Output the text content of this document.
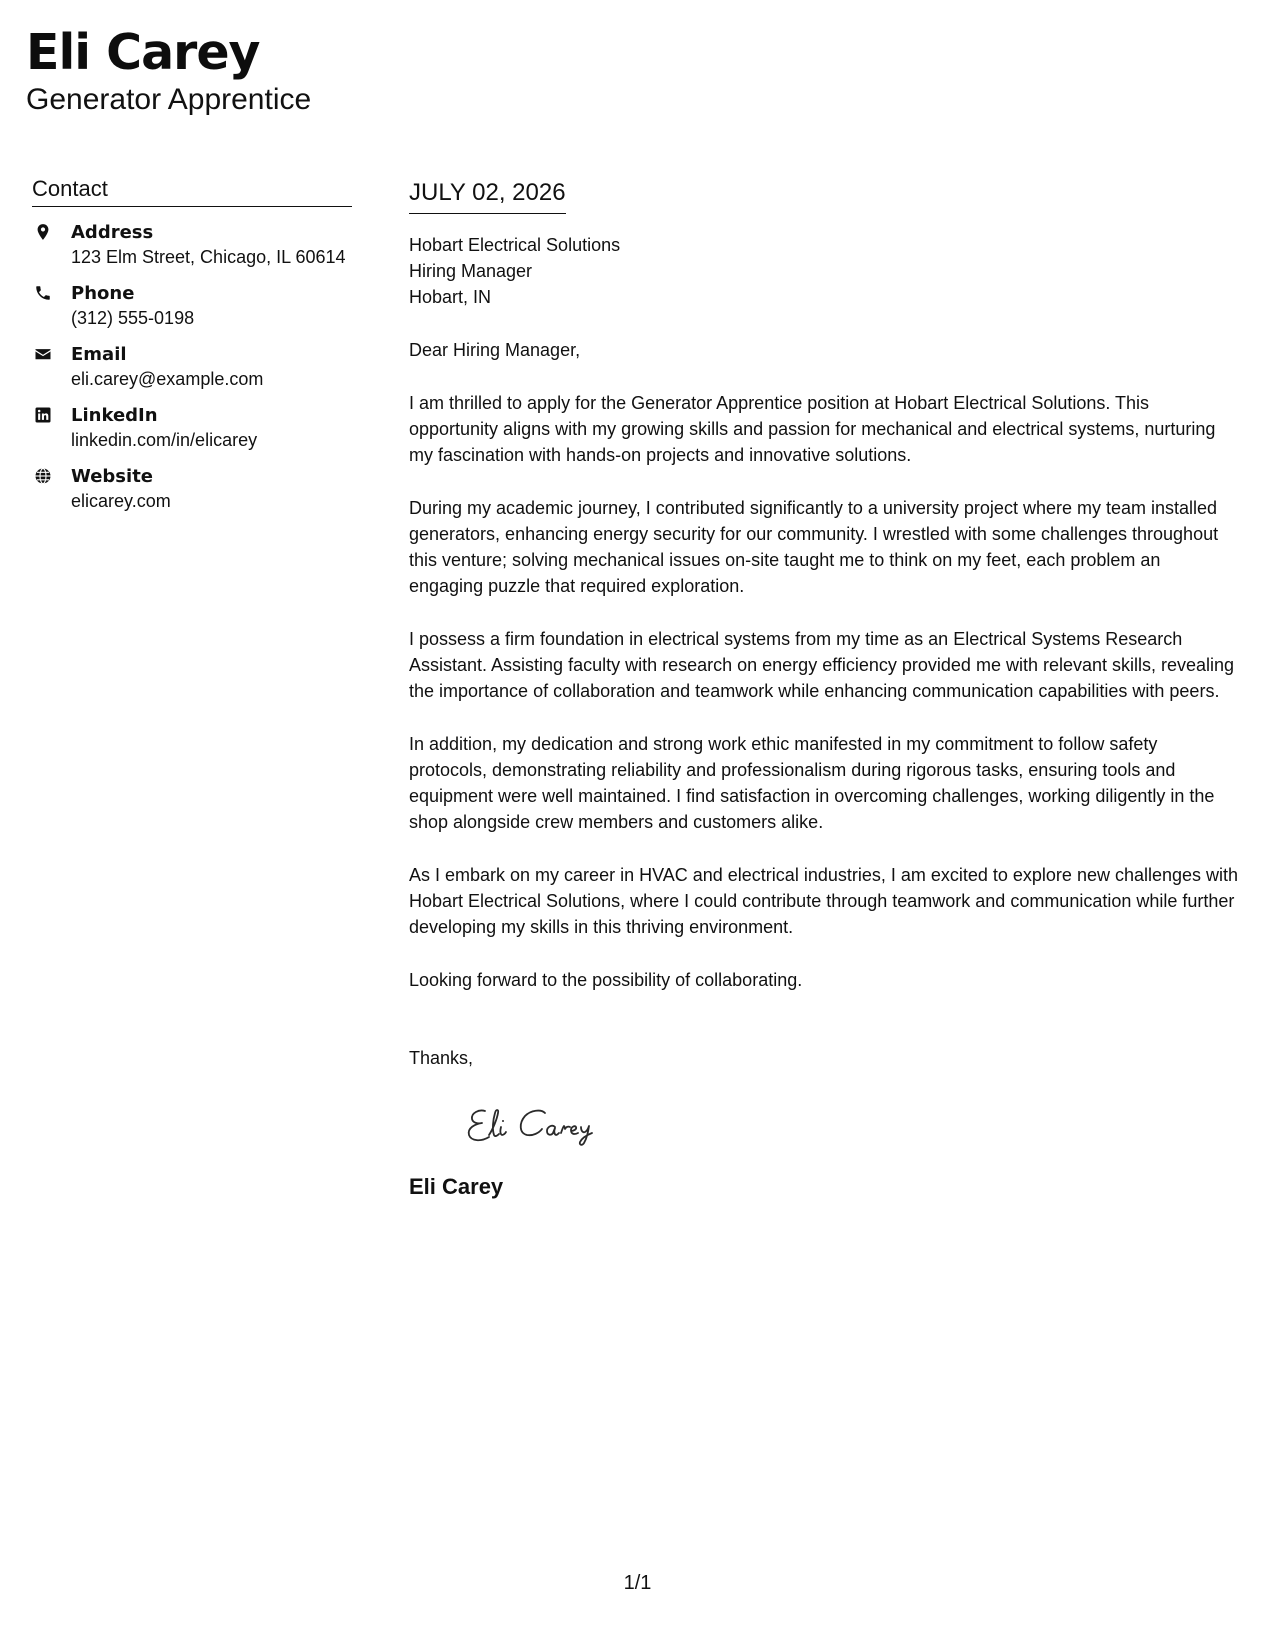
Eli Carey
Generator Apprentice
Contact
Address
123 Elm Street, Chicago, IL 60614
Phone
(312) 555-0198
Email
eli.carey@example.com
LinkedIn
linkedin.com/in/elicarey
Website
elicarey.com
JULY 02, 2026
Hobart Electrical Solutions
Hiring Manager
Hobart, IN
Dear Hiring Manager,
I am thrilled to apply for the Generator Apprentice position at Hobart Electrical Solutions. This opportunity aligns with my growing skills and passion for mechanical and electrical systems, nurturing my fascination with hands-on projects and innovative solutions.
During my academic journey, I contributed significantly to a university project where my team installed generators, enhancing energy security for our community. I wrestled with some challenges throughout this venture; solving mechanical issues on-site taught me to think on my feet, each problem an engaging puzzle that required exploration.
I possess a firm foundation in electrical systems from my time as an Electrical Systems Research Assistant. Assisting faculty with research on energy efficiency provided me with relevant skills, revealing the importance of collaboration and teamwork while enhancing communication capabilities with peers.
In addition, my dedication and strong work ethic manifested in my commitment to follow safety protocols, demonstrating reliability and professionalism during rigorous tasks, ensuring tools and equipment were well maintained. I find satisfaction in overcoming challenges, working diligently in the shop alongside crew members and customers alike.
As I embark on my career in HVAC and electrical industries, I am excited to explore new challenges with Hobart Electrical Solutions, where I could contribute through teamwork and communication while further developing my skills in this thriving environment.
Looking forward to the possibility of collaborating.
Thanks,
Eli Carey
1/1
